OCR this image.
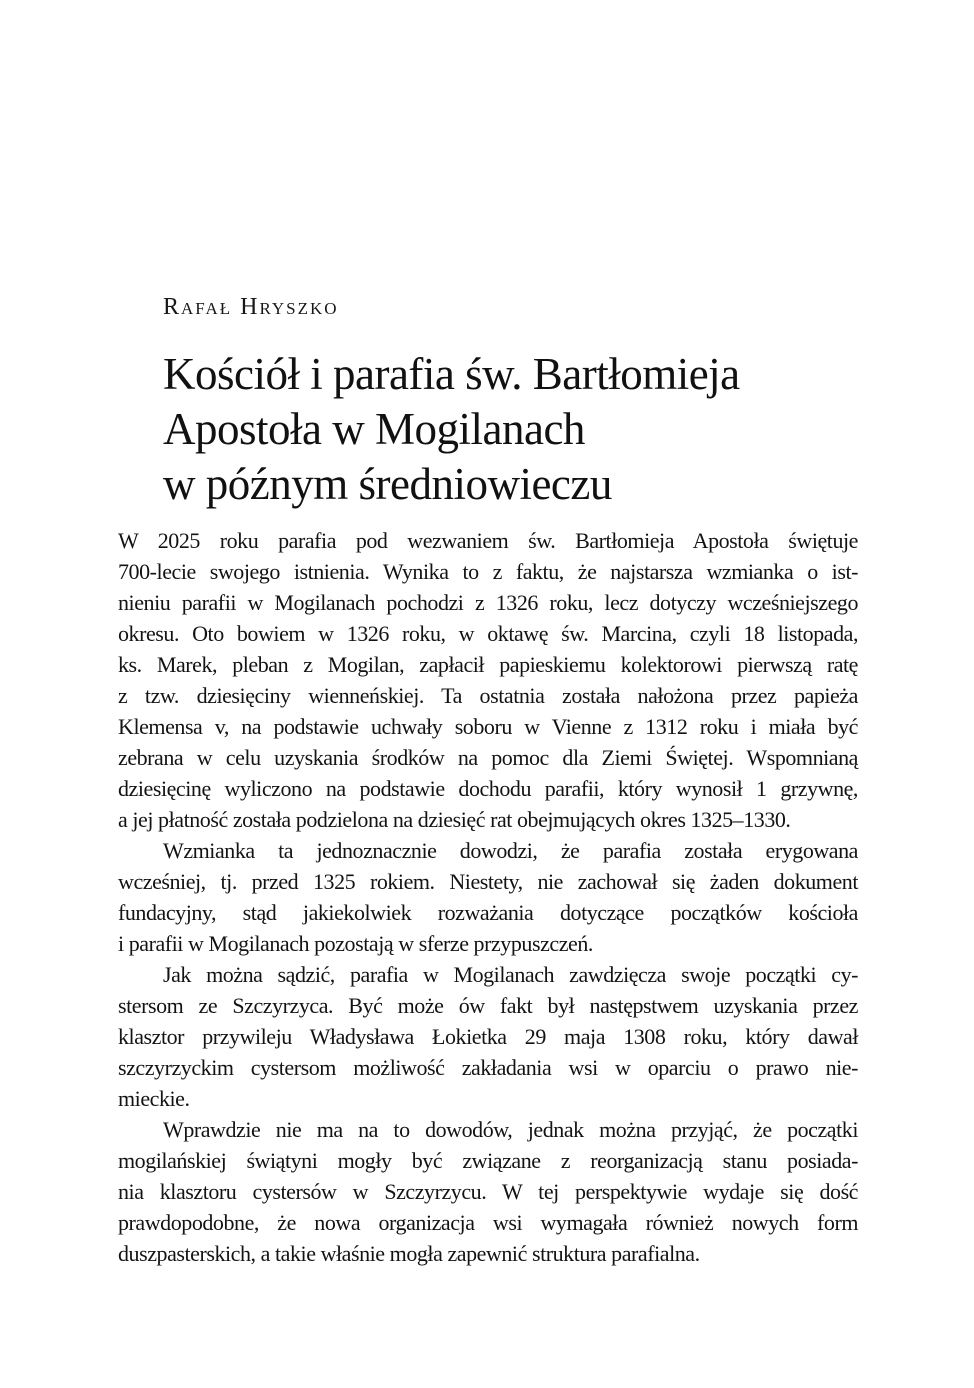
Rafał Hryszko
Kościół i parafia św. Bartłomieja
Apostoła w Mogilanach
w późnym średniowieczu
W 2025 roku parafia pod wezwaniem św. Bartłomieja Apostoła świętuje
700-lecie swojego istnienia. Wynika to z faktu, że najstarsza wzmianka o ist-
nieniu parafii w Mogilanach pochodzi z 1326 roku, lecz dotyczy wcześniejszego
okresu. Oto bowiem w 1326 roku, w oktawę św. Marcina, czyli 18 listopada,
ks. Marek, pleban z Mogilan, zapłacił papieskiemu kolektorowi pierwszą ratę
z tzw. dziesięciny wienneńskiej. Ta ostatnia została nałożona przez papieża
Klemensa v, na podstawie uchwały soboru w Vienne z 1312 roku i miała być
zebrana w celu uzyskania środków na pomoc dla Ziemi Świętej. Wspomnianą
dziesięcinę wyliczono na podstawie dochodu parafii, który wynosił 1 grzywnę,
a jej płatność została podzielona na dziesięć rat obejmujących okres 1325–1330.
Wzmianka ta jednoznacznie dowodzi, że parafia została erygowana
wcześniej, tj. przed 1325 rokiem. Niestety, nie zachował się żaden dokument
fundacyjny, stąd jakiekolwiek rozważania dotyczące początków kościoła
i parafii w Mogilanach pozostają w sferze przypuszczeń.
Jak można sądzić, parafia w Mogilanach zawdzięcza swoje początki cy-
stersom ze Szczyrzyca. Być może ów fakt był następstwem uzyskania przez
klasztor przywileju Władysława Łokietka 29 maja 1308 roku, który dawał
szczyrzyckim cystersom możliwość zakładania wsi w oparciu o prawo nie-
mieckie.
Wprawdzie nie ma na to dowodów, jednak można przyjąć, że początki
mogilańskiej świątyni mogły być związane z reorganizacją stanu posiada-
nia klasztoru cystersów w Szczyrzycu. W tej perspektywie wydaje się dość
prawdopodobne, że nowa organizacja wsi wymagała również nowych form
duszpasterskich, a takie właśnie mogła zapewnić struktura parafialna.
